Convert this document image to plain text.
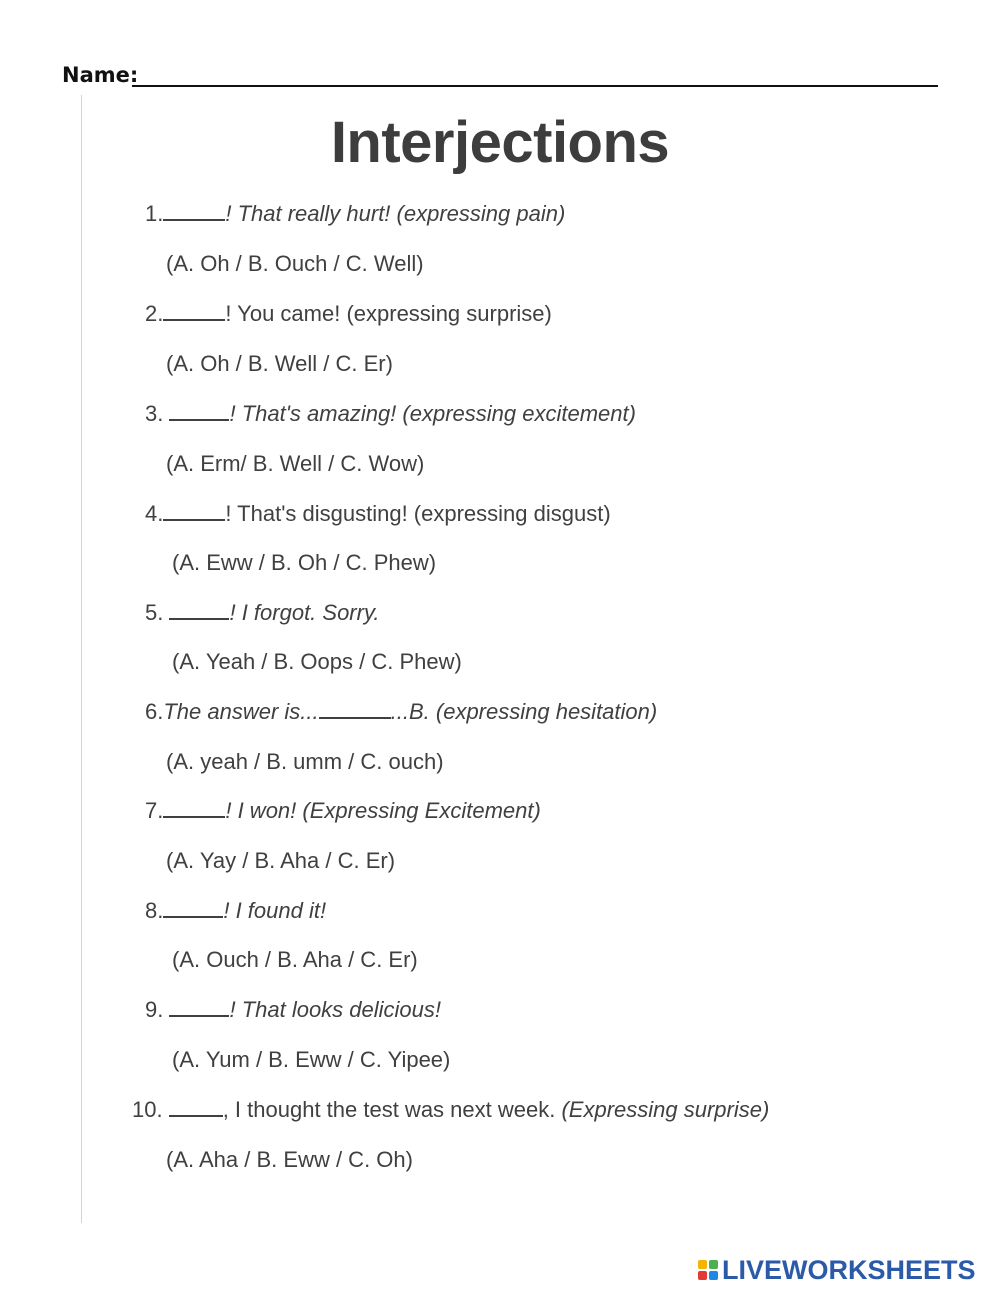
Name:
Interjections
1.	! That really hurt! (expressing pain)
(A. Oh / B. Ouch / C. Well)
2.	! You came! (expressing surprise)
(A. Oh / B. Well / C. Er)
3.	! That's amazing! (expressing excitement)
(A. Erm/ B. Well / C. Wow)
4.	! That's disgusting! (expressing disgust)
(A. Eww / B. Oh / C. Phew)
5.	! I forgot. Sorry.
(A. Yeah / B. Oops / C. Phew)
6.The answer is...	...B. (expressing hesitation)
(A. yeah / B. umm / C. ouch)
7.	! I won! (Expressing Excitement)
(A. Yay / B. Aha / C. Er)
8.	! I found it!
(A. Ouch / B. Aha / C. Er)
9.	! That looks delicious!
(A. Yum / B. Eww / C. Yipee)
10. , I thought the test was next week. (Expressing surprise)
(A. Aha / B. Eww / C. Oh)
LIVEWORKSHEETS
